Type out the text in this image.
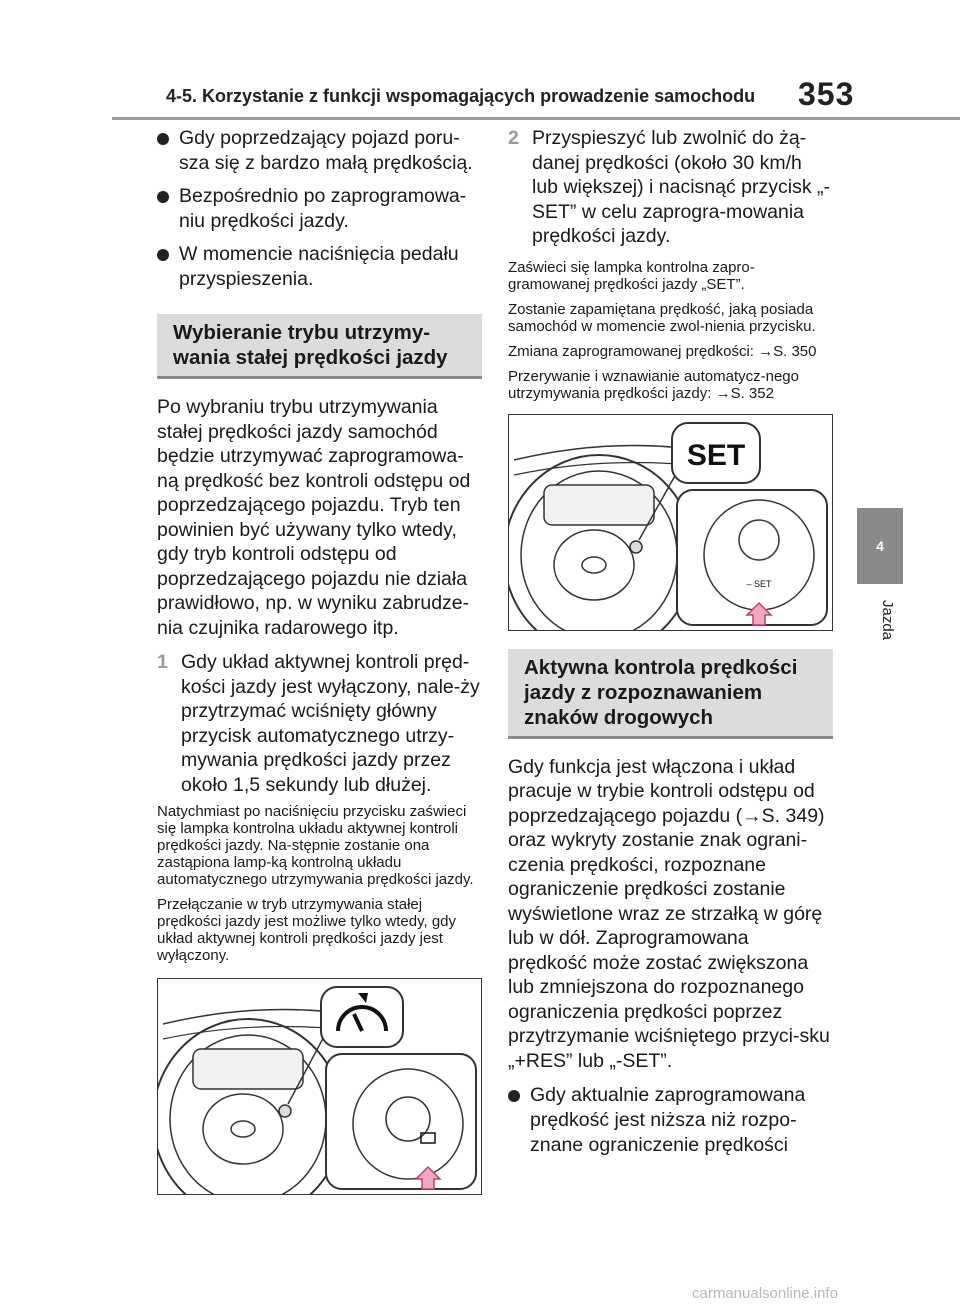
4-5. Korzystanie z funkcji wspomagających prowadzenie samochodu 353
4
Jazda
Gdy poprzedzający pojazd poru-sza się z bardzo małą prędkością.
Bezpośrednio po zaprogramowa-niu prędkości jazdy.
W momencie naciśnięcia pedału przyspieszenia.
Wybieranie trybu utrzymy-wania stałej prędkości jazdy

Po wybraniu trybu utrzymywania stałej prędkości jazdy samochód będzie utrzymywać zaprogramowa-ną prędkość bez kontroli odstępu od poprzedzającego pojazdu. Tryb ten powinien być używany tylko wtedy, gdy tryb kontroli odstępu od poprzedzającego pojazdu nie działa prawidłowo, np. w wyniku zabrudze-nia czujnika radarowego itp.

1 Gdy układ aktywnej kontroli pręd-kości jazdy jest wyłączony, nale-ży przytrzymać wciśnięty główny przycisk automatycznego utrzy-mywania prędkości jazdy przez około 1,5 sekundy lub dłużej.

Natychmiast po naciśnięciu przycisku zaświeci się lampka kontrolna układu aktywnej kontroli prędkości jazdy. Na-stępnie zostanie ona zastąpiona lamp-ką kontrolną układu automatycznego utrzymywania prędkości jazdy.

Przełączanie w tryb utrzymywania stałej prędkości jazdy jest możliwe tylko wtedy, gdy układ aktywnej kontroli prędkości jazdy jest wyłączony.

2 Przyspieszyć lub zwolnić do żą-danej prędkości (około 30 km/h lub większej) i nacisnąć przycisk „-SET” w celu zaprogra-mowania prędkości jazdy.

Zaświeci się lampka kontrolna zapro-gramowanej prędkości jazdy „SET”.

Zostanie zapamiętana prędkość, jaką posiada samochód w momencie zwol-nienia przycisku.

Zmiana zaprogramowanej prędkości: →S. 350

Przerywanie i wznawianie automatycz-nego utrzymywania prędkości jazdy: →S. 352

SET
– SET
Aktywna kontrola prędkości jazdy z rozpoznawaniem znaków drogowych

Gdy funkcja jest włączona i układ pracuje w trybie kontroli odstępu od poprzedzającego pojazdu (→S. 349) oraz wykryty zostanie znak ograni-czenia prędkości, rozpoznane ograniczenie prędkości zostanie wyświetlone wraz ze strzałką w górę lub w dół. Zaprogramowana prędkość może zostać zwiększona lub zmniejszona do rozpoznanego ograniczenia prędkości poprzez przytrzymanie wciśniętego przyci-sku „+RES” lub „-SET”.

Gdy aktualnie zaprogramowana prędkość jest niższa niż rozpo-znane ograniczenie prędkości
carmanualsonline.info
